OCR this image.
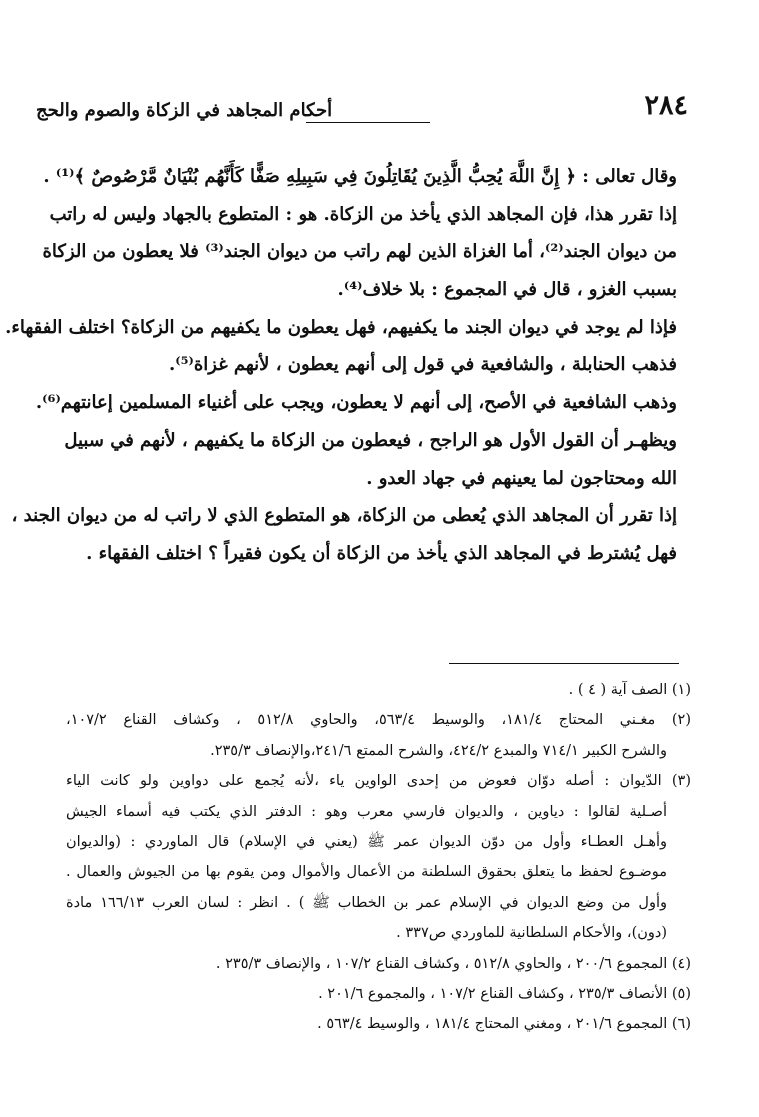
٢٨٤
أحكام المجاهد في الزكاة والصوم والحج
وقال تعالى : ﴿ إِنَّ اللَّهَ يُحِبُّ الَّذِينَ يُقَاتِلُونَ فِي سَبِيلِهِ صَفًّا كَأَنَّهُم بُنْيَانٌ مَّرْصُوصٌ ﴾⁽¹⁾ .
إذا تقرر هذا، فإن المجاهد الذي يأخذ من الزكاة. هو : المتطوع بالجهاد وليس له راتب
من ديوان الجند⁽²⁾، أما الغزاة الذين لهم راتب من ديوان الجند⁽³⁾ فلا يعطون من الزكاة
بسبب الغزو ، قال في المجموع : بلا خلاف⁽⁴⁾.
فإذا لم يوجد في ديوان الجند ما يكفيهم، فهل يعطون ما يكفيهم من الزكاة؟ اختلف الفقهاء.
فذهب الحنابلة ، والشافعية في قول إلى أنهم يعطون ، لأنهم غزاة⁽⁵⁾.
وذهب الشافعية في الأصح، إلى أنهم لا يعطون، ويجب على أغنياء المسلمين إعانتهم⁽⁶⁾.
ويظهـر أن القول الأول هو الراجح ، فيعطون من الزكاة ما يكفيهم ، لأنهم في سبيل
الله ومحتاجون لما يعينهم في جهاد العدو .
إذا تقرر أن المجاهد الذي يُعطى من الزكاة، هو المتطوع الذي لا راتب له من ديوان الجند ،
فهل يُشترط في المجاهد الذي يأخذ من الزكاة أن يكون فقيراً ؟ اختلف الفقهاء .
(١) الصف آية ( ٤ ) .
(٢) مغـني المحتاج ١٨١/٤، والوسيط ٥٦٣/٤، والحاوي ٥١٢/٨ ، وكشاف القناع ١٠٧/٢،
والشرح الكبير ٧١٤/١ والمبدع ٤٢٤/٢، والشرح الممتع ٢٤١/٦،والإنصاف ٢٣٥/٣.
(٣) الدّيوان : أصله دوّان فعوض من إحدى الواوين ياء ،لأنه يُجمع على دواوين ولو كانت الياء
أصـلية لقالوا : دياوين ، والديوان فارسي معرب وهو : الدفتر الذي يكتب فيه أسماء الجيش
وأهـل العطـاء وأول من دوّن الديوان عمر ﷺ (يعني في الإسلام) قال الماوردي : (والديوان
موضـوع لحفظ ما يتعلق بحقوق السلطنة من الأعمال والأموال ومن يقوم بها من الجيوش والعمال .
وأول من وضع الديوان في الإسلام عمر بن الخطاب ﷺ ) . انظر : لسان العرب ١٦٦/١٣ مادة
(دون)، والأحكام السلطانية للماوردي ص٣٣٧ .
(٤) المجموع ٢٠٠/٦ ، والحاوي ٥١٢/٨ ، وكشاف القناع ١٠٧/٢ ، والإنصاف ٢٣٥/٣ .
(٥) الأنصاف ٢٣٥/٣ ، وكشاف القناع ١٠٧/٢ ، والمجموع ٢٠١/٦ .
(٦) المجموع ٢٠١/٦ ، ومغني المحتاج ١٨١/٤ ، والوسيط ٥٦٣/٤ .
